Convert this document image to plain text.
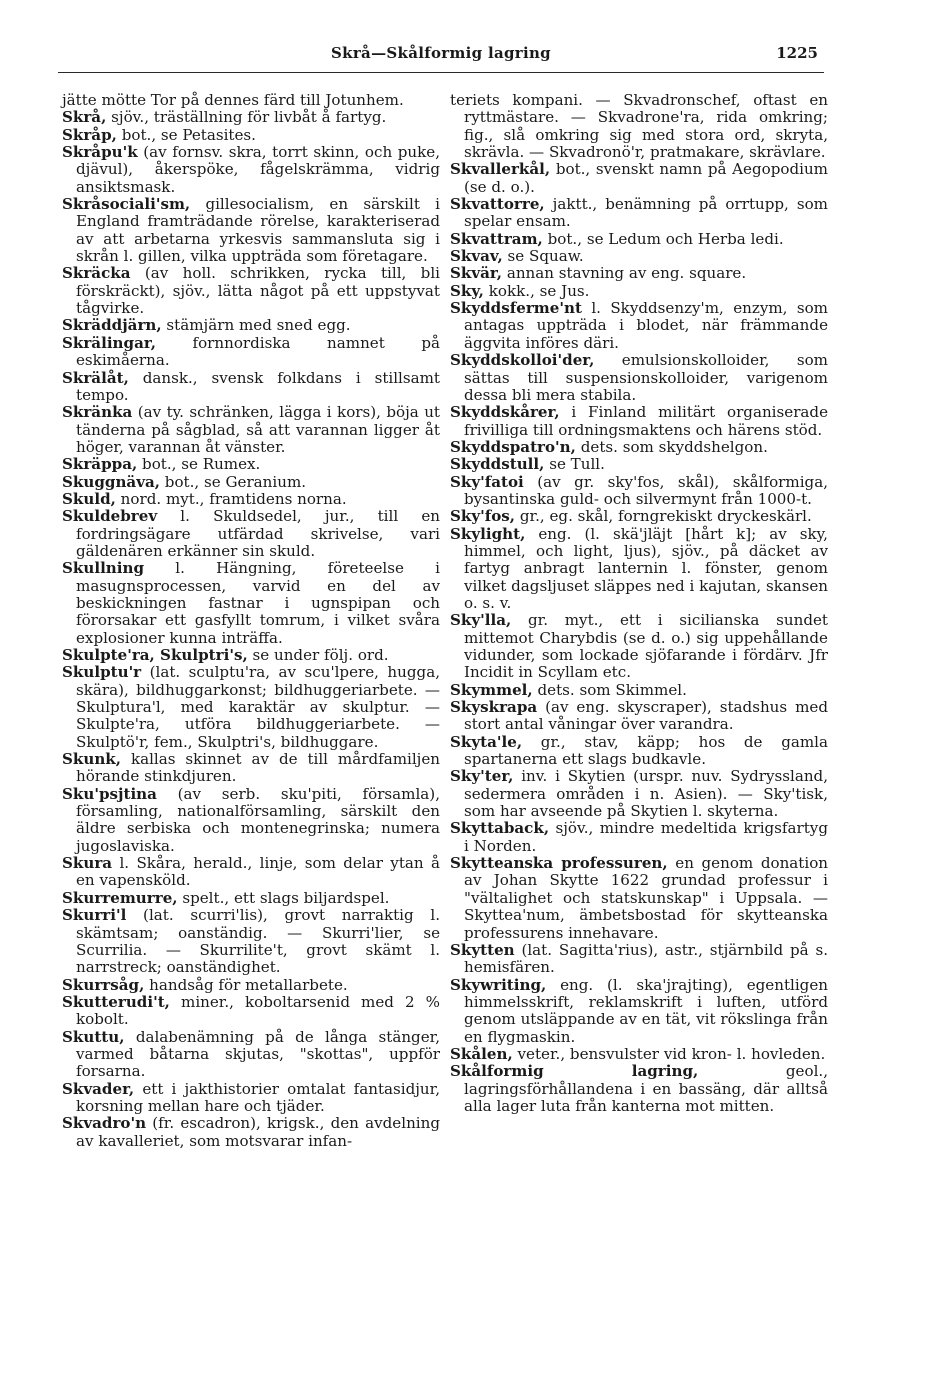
Skrå—Skålformig lagring	1225

jätte mötte Tor på dennes färd till Jotunhem.

Skrå, sjöv., träställning för livbåt å fartyg.

Skråp, bot., se Petasites.

Skråpu'k (av fornsv. skra, torrt skinn, och puke, djävul), åkerspöke, fågelskrämma, vidrig ansiktsmask.

Skråsociali'sm, gillesocialism, en särskilt i England framträdande rörelse, karakteriserad av att arbetarna yrkesvis sammansluta sig i skrån l. gillen, vilka uppträda som företagare.

Skräcka (av holl. schrikken, rycka till, bli förskräckt), sjöv., lätta något på ett uppstyvat tågvirke.

Skräddjärn, stämjärn med sned egg.

Skrälingar, fornnordiska namnet på eskimåerna.

Skrälåt, dansk., svensk folkdans i stillsamt tempo.

Skränka (av ty. schränken, lägga i kors), böja ut tänderna på sågblad, så att varannan ligger åt höger, varannan åt vänster.

Skräppa, bot., se Rumex.

Skuggnäva, bot., se Geranium.

Skuld, nord. myt., framtidens norna.

Skuldebrev l. Skuldsedel, jur., till en fordringsägare utfärdad skrivelse, vari gäldenären erkänner sin skuld.

Skullning l. Hängning, företeelse i masugnsprocessen, varvid en del av beskickningen fastnar i ugnspipan och förorsakar ett gasfyllt tomrum, i vilket svåra explosioner kunna inträffa.

Skulpte'ra, Skulptri's, se under följ. ord.

Skulptu'r (lat. sculptu'ra, av scu'lpere, hugga, skära), bildhuggarkonst; bildhuggeriarbete. — Skulptura'l, med karaktär av skulptur. — Skulpte'ra, utföra bildhuggeriarbete. — Skulptö'r, fem., Skulptri's, bildhuggare.

Skunk, kallas skinnet av de till mårdfamiljen hörande stinkdjuren.

Sku'psjtina (av serb. sku'piti, församla), församling, nationalförsamling, särskilt den äldre serbiska och montenegrinska; numera jugoslaviska.

Skura l. Skåra, herald., linje, som delar ytan å en vapensköld.

Skurremurre, spelt., ett slags biljardspel.

Skurri'l (lat. scurri'lis), grovt narraktig l. skämtsam; oanständig. — Skurri'lier, se Scurrilia. — Skurrilite't, grovt skämt l. narrstreck; oanständighet.

Skurrsåg, handsåg för metallarbete.

Skutterudi't, miner., koboltarsenid med 2 % kobolt.

Skuttu, dalabenämning på de långa stänger, varmed båtarna skjutas, "skottas", uppför forsarna.

Skvader, ett i jakthistorier omtalat fantasidjur, korsning mellan hare och tjäder.

Skvadro'n (fr. escadron), krigsk., den avdelning av kavalleriet, som motsvarar infan-

teriets kompani. — Skvadronschef, oftast en ryttmästare. — Skvadrone'ra, rida omkring; fig., slå omkring sig med stora ord, skryta, skrävla. — Skvadronö'r, pratmakare, skrävlare.

Skvallerkål, bot., svenskt namn på Aegopodium (se d. o.).

Skvattorre, jaktt., benämning på orrtupp, som spelar ensam.

Skvattram, bot., se Ledum och Herba ledi.

Skvav, se Squaw.

Skvär, annan stavning av eng. square.

Sky, kokk., se Jus.

Skyddsferme'nt l. Skyddsenzy'm, enzym, som antagas uppträda i blodet, när främmande äggvita införes däri.

Skyddskolloi'der, emulsionskolloider, som sättas till suspensionskolloider, varigenom dessa bli mera stabila.

Skyddskårer, i Finland militärt organiserade frivilliga till ordningsmaktens och härens stöd.

Skyddspatro'n, dets. som skyddshelgon.

Skyddstull, se Tull.

Sky'fatoi (av gr. sky'fos, skål), skålformiga, bysantinska guld- och silvermynt från 1000-t.

Sky'fos, gr., eg. skål, forngrekiskt dryckeskärl.

Skylight, eng. (l. skä'jläjt [hårt k]; av sky, himmel, och light, ljus), sjöv., på däcket av fartyg anbragt lanternin l. fönster, genom vilket dagsljuset släppes ned i kajutan, skansen o. s. v.

Sky'lla, gr. myt., ett i sicilianska sundet mittemot Charybdis (se d. o.) sig uppehållande vidunder, som lockade sjöfarande i fördärv. Jfr Incidit in Scyllam etc.

Skymmel, dets. som Skimmel.

Skyskrapa (av eng. skyscraper), stadshus med stort antal våningar över varandra.

Skyta'le, gr., stav, käpp; hos de gamla spartanerna ett slags budkavle.

Sky'ter, inv. i Skytien (urspr. nuv. Sydryssland, sedermera områden i n. Asien). — Sky'tisk, som har avseende på Skytien l. skyterna.

Skyttaback, sjöv., mindre medeltida krigsfartyg i Norden.

Skytteanska professuren, en genom donation av Johan Skytte 1622 grundad professur i "vältalighet och statskunskap" i Uppsala. — Skyttea'num, ämbetsbostad för skytteanska professurens innehavare.

Skytten (lat. Sagitta'rius), astr., stjärnbild på s. hemisfären.

Skywriting, eng. (l. ska'jrajting), egentligen himmelsskrift, reklamskrift i luften, utförd genom utsläppande av en tät, vit rökslinga från en flygmaskin.

Skålen, veter., bensvulster vid kron- l. hovleden.

Skålformig lagring, geol., lagringsförhållandena i en bassäng, där alltså alla lager luta från kanterna mot mitten.
